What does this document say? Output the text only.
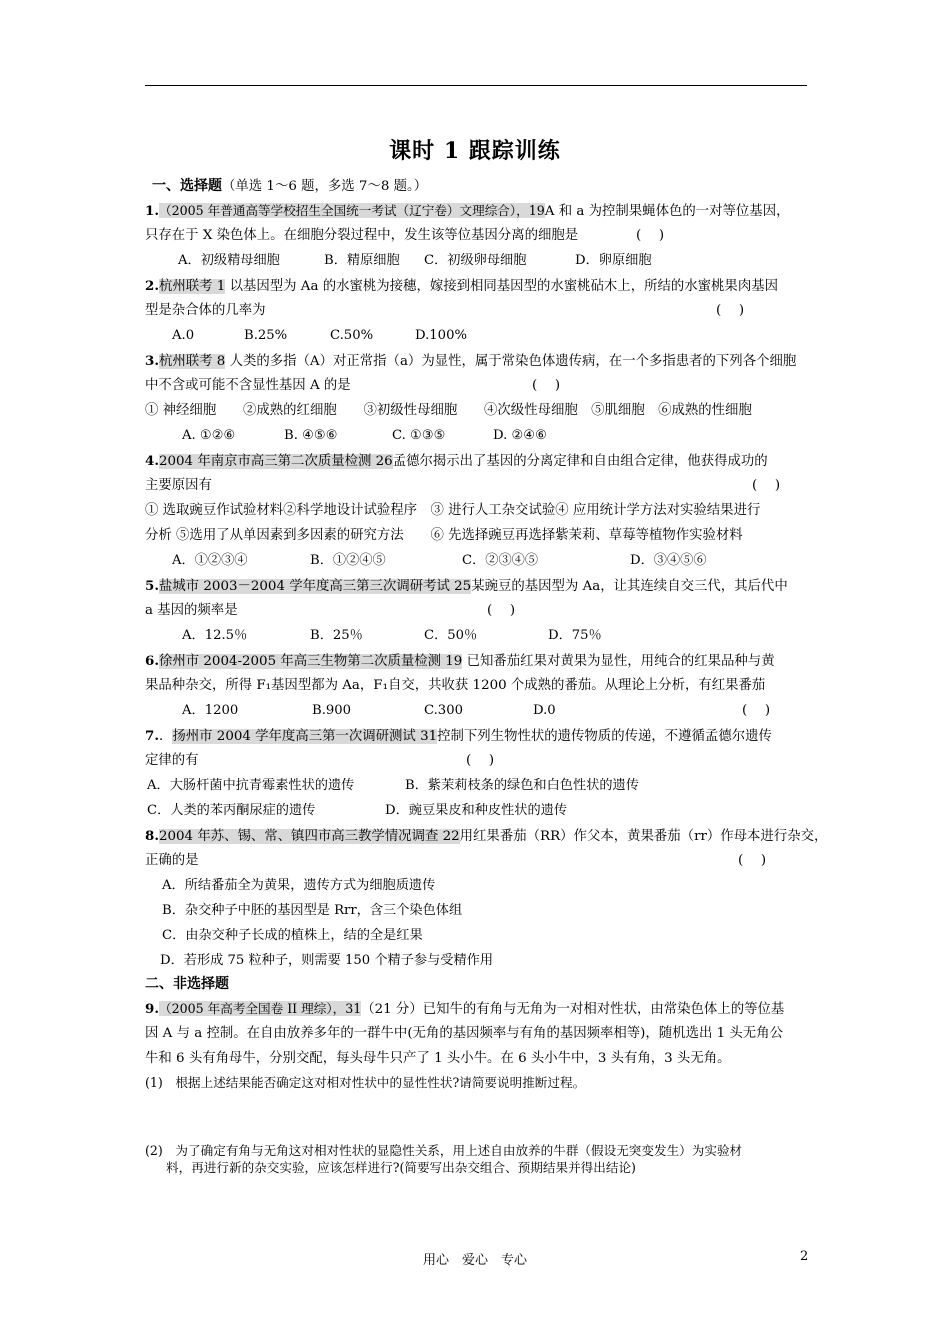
课时 1 跟踪训练
一、选择题（单选 1～6 题，多选 7～8 题。）
1.（2005 年普通高等学校招生全国统一考试（辽宁卷）文理综合），19A 和 a 为控制果蝇体色的一对等位基因，
只存在于 X 染色体上。在细胞分裂过程中，发生该等位基因分离的细胞是	(　 )
A．初级精母细胞	B．精原细胞 C．初级卵母细胞	D．卵原细胞
2.杭州联考 1 以基因型为 Aa 的水蜜桃为接穗，嫁接到相同基因型的水蜜桃砧木上，所结的水蜜桃果肉基因
型是杂合体的几率为	(　 )
A.0	B.25%	C.50%	D.100%
3.杭州联考 8 人类的多指（A）对正常指（a）为显性，属于常染色体遗传病，在一个多指患者的下列各个细胞
中不含或可能不含显性基因 A 的是	(　 )
① 神经细胞　　②成熟的红细胞　　③初级性母细胞　　④次级性母细胞　⑤肌细胞　⑥成熟的性细胞
A. ①②⑥	B. ④⑤⑥	C. ①③⑤	D. ②④⑥
4.2004 年南京市高三第二次质量检测 26孟德尔揭示出了基因的分离定律和自由组合定律，他获得成功的
主要原因有	(　 )
① 选取豌豆作试验材料②科学地设计试验程序　③ 进行人工杂交试验④ 应用统计学方法对实验结果进行
分析 ⑤选用了从单因素到多因素的研究方法　　⑥ 先选择豌豆再选择紫茉莉、草莓等植物作实验材料
A．①②③④	B．①②④⑤	C．②③④⑤	D．③④⑤⑥
5.盐城市 2003－2004 学年度高三第三次调研考试 25某豌豆的基因型为 Aa，让其连续自交三代，其后代中
a 基因的频率是	(　 )
A．12.5％	B．25％	C．50％	D．75％
6.徐州市 2004-2005 年高三生物第二次质量检测 19 已知番茄红果对黄果为显性，用纯合的红果品种与黄
果品种杂交，所得 F₁基因型都为 Aa，F₁自交，共收获 1200 个成熟的番茄。从理论上分析，有红果番茄
A．1200	B.900	C.300	D.0	(　 )
7.．扬州市 2004 学年度高三第一次调研测试 31控制下列生物性状的遗传物质的传递，不遵循孟德尔遗传
定律的有	(　 )
A．大肠杆菌中抗青霉素性状的遗传	B．紫茉莉枝条的绿色和白色性状的遗传
C．人类的苯丙酮尿症的遗传	D．豌豆果皮和种皮性状的遗传
8.2004 年苏、锡、常、镇四市高三教学情况调查 22用红果番茄（RR）作父本，黄果番茄（rr）作母本进行杂交，
正确的是	(　 )
A．所结番茄全为黄果，遗传方式为细胞质遗传
B．杂交种子中胚的基因型是 Rrr，含三个染色体组
C．由杂交种子长成的植株上，结的全是红果
D．若形成 75 粒种子，则需要 150 个精子参与受精作用
二、非选择题
9.（2005 年高考全国卷 II 理综），31（21 分）已知牛的有角与无角为一对相对性状，由常染色体上的等位基
因 A 与 a 控制。在自由放养多年的一群牛中(无角的基因频率与有角的基因频率相等)，随机选出 1 头无角公
牛和 6 头有角母牛，分别交配，每头母牛只产了 1 头小牛。在 6 头小牛中，3 头有角，3 头无角。
(1)　根据上述结果能否确定这对相对性状中的显性性状?请简要说明推断过程。
(2)　为了确定有角与无角这对相对性状的显隐性关系，用上述自由放养的牛群（假设无突变发生）为实验材
料，再进行新的杂交实验，应该怎样进行?(简要写出杂交组合、预期结果并得出结论)
用心　爱心　专心	2
